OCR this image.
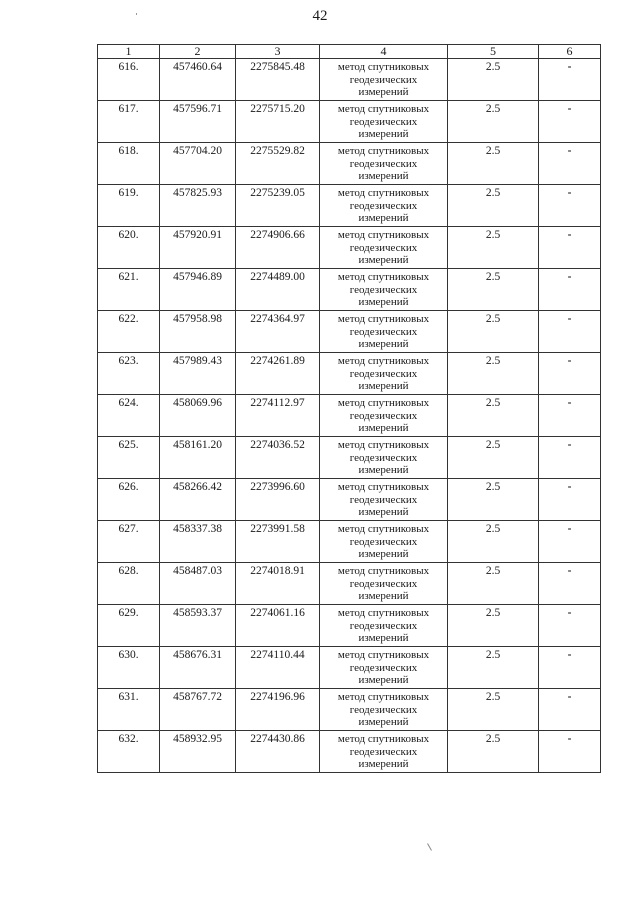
42
1	2	3	4	5	6
616.	457460.64	2275845.48	метод спутниковых
геодезических
измерений	2.5	-
617.	457596.71	2275715.20	метод спутниковых
геодезических
измерений	2.5	-
618.	457704.20	2275529.82	метод спутниковых
геодезических
измерений	2.5	-
619.	457825.93	2275239.05	метод спутниковых
геодезических
измерений	2.5	-
620.	457920.91	2274906.66	метод спутниковых
геодезических
измерений	2.5	-
621.	457946.89	2274489.00	метод спутниковых
геодезических
измерений	2.5	-
622.	457958.98	2274364.97	метод спутниковых
геодезических
измерений	2.5	-
623.	457989.43	2274261.89	метод спутниковых
геодезических
измерений	2.5	-
624.	458069.96	2274112.97	метод спутниковых
геодезических
измерений	2.5	-
625.	458161.20	2274036.52	метод спутниковых
геодезических
измерений	2.5	-
626.	458266.42	2273996.60	метод спутниковых
геодезических
измерений	2.5	-
627.	458337.38	2273991.58	метод спутниковых
геодезических
измерений	2.5	-
628.	458487.03	2274018.91	метод спутниковых
геодезических
измерений	2.5	-
629.	458593.37	2274061.16	метод спутниковых
геодезических
измерений	2.5	-
630.	458676.31	2274110.44	метод спутниковых
геодезических
измерений	2.5	-
631.	458767.72	2274196.96	метод спутниковых
геодезических
измерений	2.5	-
632.	458932.95	2274430.86	метод спутниковых
геодезических
измерений	2.5	-
